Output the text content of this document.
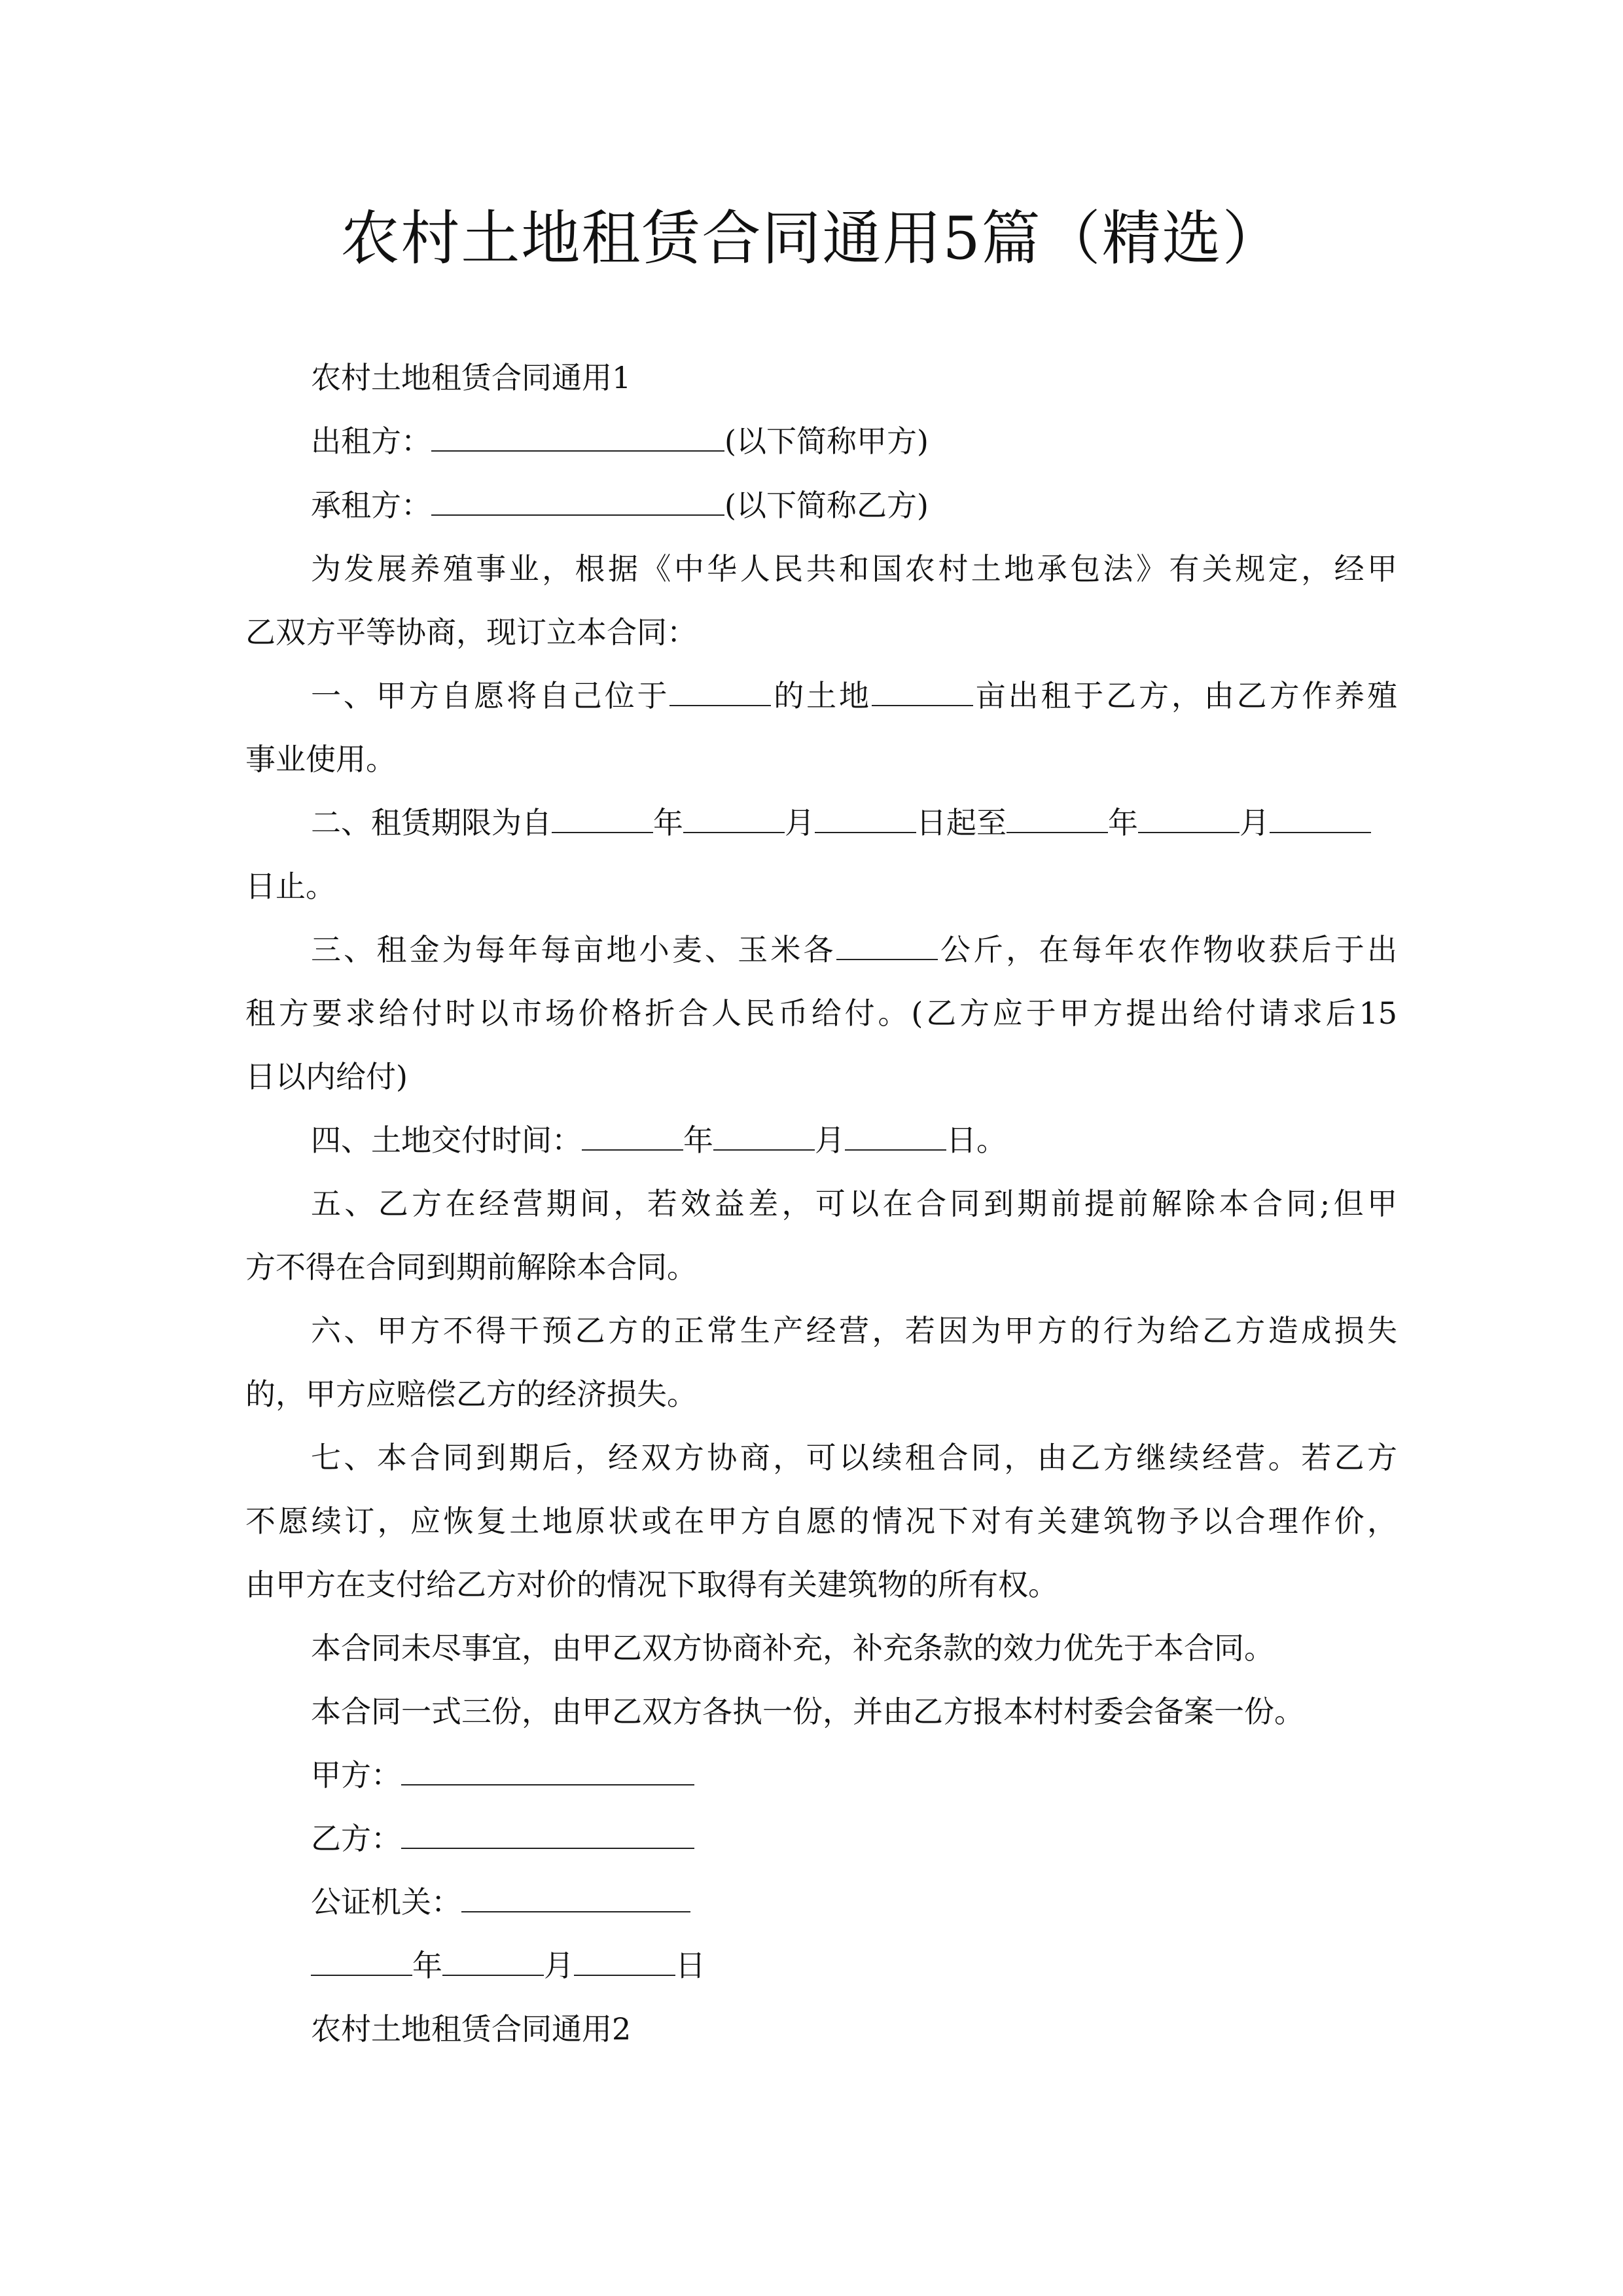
农村土地租赁合同通用5篇（精选）
农村土地租赁合同通用1
出租方：	(以下简称甲方)
承租方：	(以下简称乙方)
为发展养殖事业，根据《中华人民共和国农村土地承包法》有关规定，经甲
乙双方平等协商，现订立本合同：
一、甲方自愿将自己位于	的土地	亩出租于乙方，由乙方作养殖
事业使用。
二、租赁期限为自	年	月	日起至	年	月
日止。
三、租金为每年每亩地小麦、玉米各	公斤，在每年农作物收获后于出
租方要求给付时以市场价格折合人民币给付。(乙方应于甲方提出给付请求后15
日以内给付)
四、土地交付时间：	年	月	日。
五、乙方在经营期间，若效益差，可以在合同到期前提前解除本合同;但甲
方不得在合同到期前解除本合同。
六、甲方不得干预乙方的正常生产经营，若因为甲方的行为给乙方造成损失
的，甲方应赔偿乙方的经济损失。
七、本合同到期后，经双方协商，可以续租合同，由乙方继续经营。若乙方
不愿续订，应恢复土地原状或在甲方自愿的情况下对有关建筑物予以合理作价，
由甲方在支付给乙方对价的情况下取得有关建筑物的所有权。
本合同未尽事宜，由甲乙双方协商补充，补充条款的效力优先于本合同。
本合同一式三份，由甲乙双方各执一份，并由乙方报本村村委会备案一份。
甲方：
乙方：
公证机关：
年	月	日
农村土地租赁合同通用2
